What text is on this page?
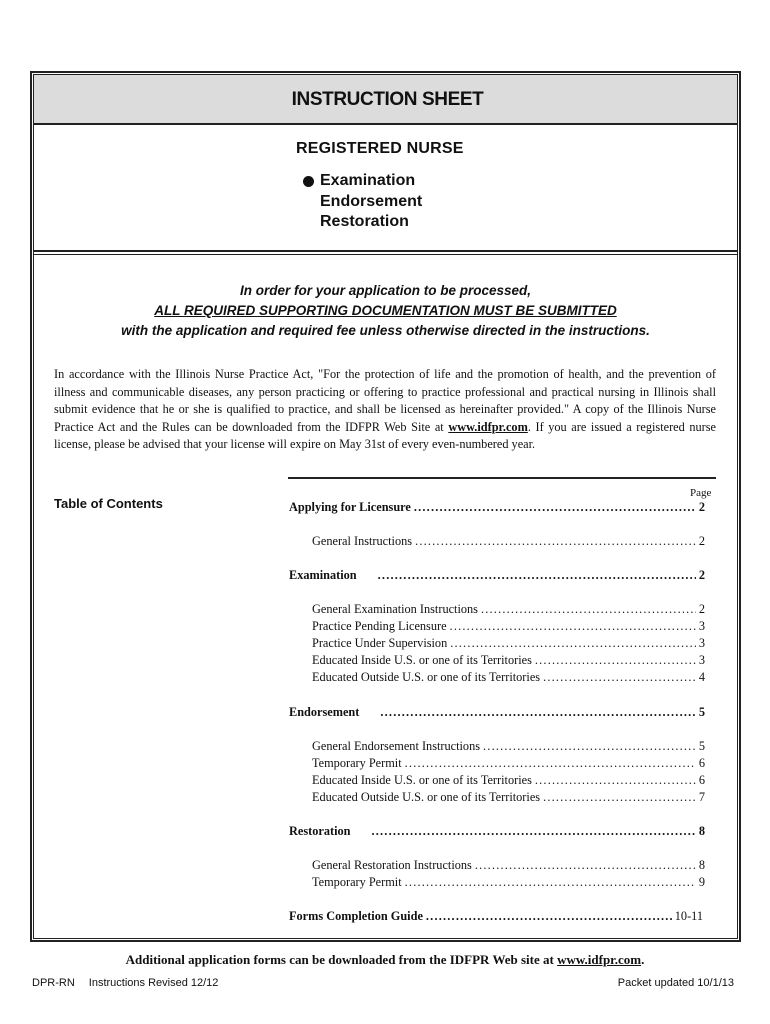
INSTRUCTION SHEET
REGISTERED NURSE
Examination
Endorsement
Restoration
In order for your application to be processed,
ALL REQUIRED SUPPORTING DOCUMENTATION MUST BE SUBMITTED
with the application and required fee unless otherwise directed in the instructions.
In accordance with the Illinois Nurse Practice Act, "For the protection of life and the promotion of health, and the prevention of illness and communicable diseases, any person practicing or offering to practice professional and practical nursing in Illinois shall submit evidence that he or she is qualified to practice, and shall be licensed as hereinafter provided." A copy of the Illinois Nurse Practice Act and the Rules can be downloaded from the IDFPR Web Site at www.idfpr.com. If you are issued a registered nurse license, please be advised that your license will expire on May 31st of every even-numbered year.
Table of Contents
Page
Applying for Licensure .....	2
General Instructions .....	2
Examination .....	2
General Examination Instructions .....	2
Practice Pending Licensure .....	3
Practice Under Supervision .....	3
Educated Inside U.S. or one of its Territories .....	3
Educated Outside U.S. or one of its Territories .....	4
Endorsement .....	5
General Endorsement Instructions .....	5
Temporary Permit .....	6
Educated Inside U.S. or one of its Territories .....	6
Educated Outside U.S. or one of its Territories .....	7
Restoration .....	8
General Restoration Instructions .....	8
Temporary Permit .....	9
Forms Completion Guide .....	10-11
Additional application forms can be downloaded from the IDFPR Web site at www.idfpr.com.
DPR-RN Instructions Revised 12/12	Packet updated 10/1/13
